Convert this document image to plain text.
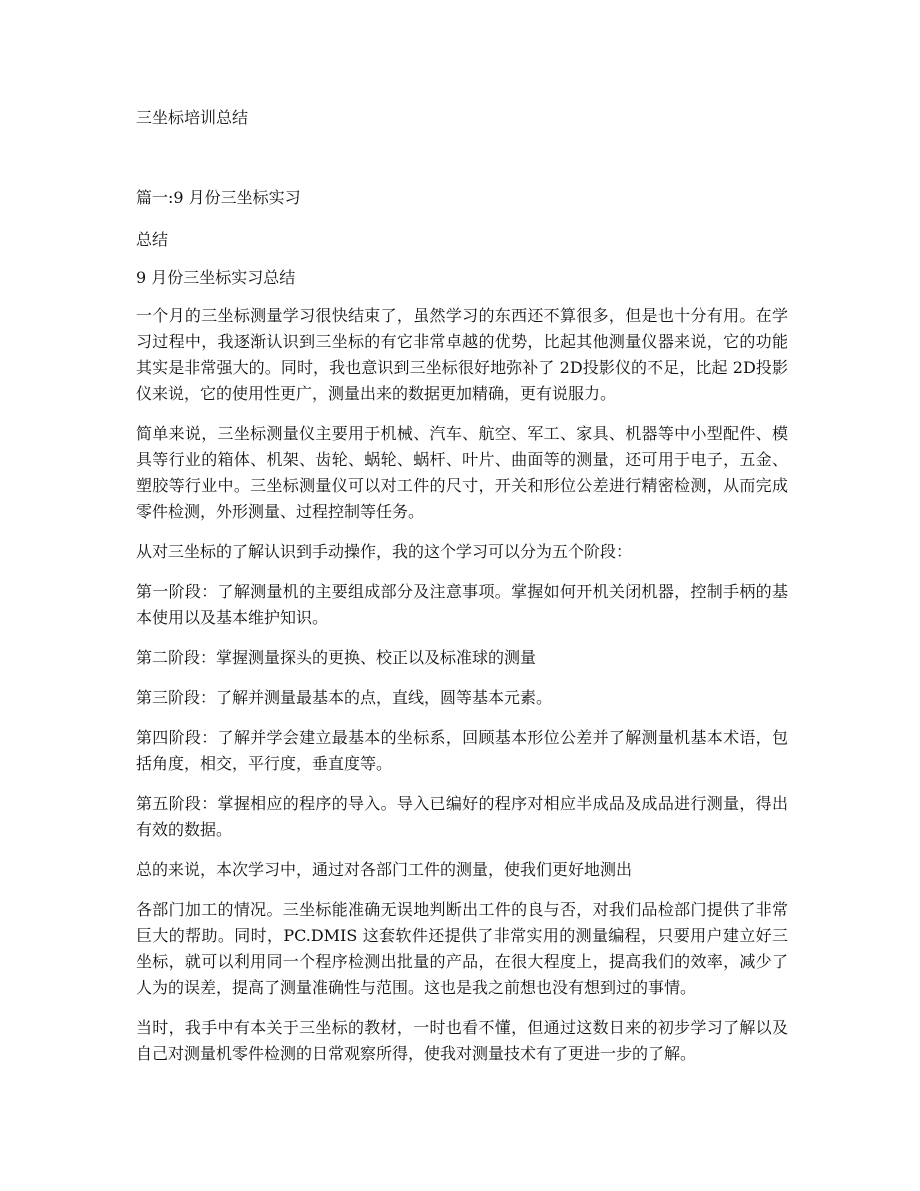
三坐标培训总结
篇一:9 月份三坐标实习
总结
9 月份三坐标实习总结

一个月的三坐标测量学习很快结束了，虽然学习的东西还不算很多，但是也十分有用。在学习过程中，我逐渐认识到三坐标的有它非常卓越的优势，比起其他测量仪器来说，它的功能其实是非常强大的。同时，我也意识到三坐标很好地弥补了 2D投影仪的不足，比起 2D投影仪来说，它的使用性更广，测量出来的数据更加精确，更有说服力。

简单来说，三坐标测量仪主要用于机械、汽车、航空、军工、家具、机器等中小型配件、模具等行业的箱体、机架、齿轮、蜗轮、蜗杆、叶片、曲面等的测量，还可用于电子，五金、塑胶等行业中。三坐标测量仪可以对工件的尺寸，开关和形位公差进行精密检测，从而完成零件检测，外形测量、过程控制等任务。

从对三坐标的了解认识到手动操作，我的这个学习可以分为五个阶段：

第一阶段：了解测量机的主要组成部分及注意事项。掌握如何开机关闭机器，控制手柄的基本使用以及基本维护知识。

第二阶段：掌握测量探头的更换、校正以及标准球的测量

第三阶段：了解并测量最基本的点，直线，圆等基本元素。

第四阶段：了解并学会建立最基本的坐标系，回顾基本形位公差并了解测量机基本术语，包括角度，相交，平行度，垂直度等。

第五阶段：掌握相应的程序的导入。导入已编好的程序对相应半成品及成品进行测量，得出有效的数据。

总的来说，本次学习中，通过对各部门工件的测量，使我们更好地测出

各部门加工的情况。三坐标能准确无误地判断出工件的良与否，对我们品检部门提供了非常巨大的帮助。同时，PC.DMIS 这套软件还提供了非常实用的测量编程，只要用户建立好三坐标，就可以利用同一个程序检测出批量的产品，在很大程度上，提高我们的效率，减少了人为的误差，提高了测量准确性与范围。这也是我之前想也没有想到过的事情。

当时，我手中有本关于三坐标的教材，一时也看不懂，但通过这数日来的初步学习了解以及自己对测量机零件检测的日常观察所得，使我对测量技术有了更进一步的了解。
